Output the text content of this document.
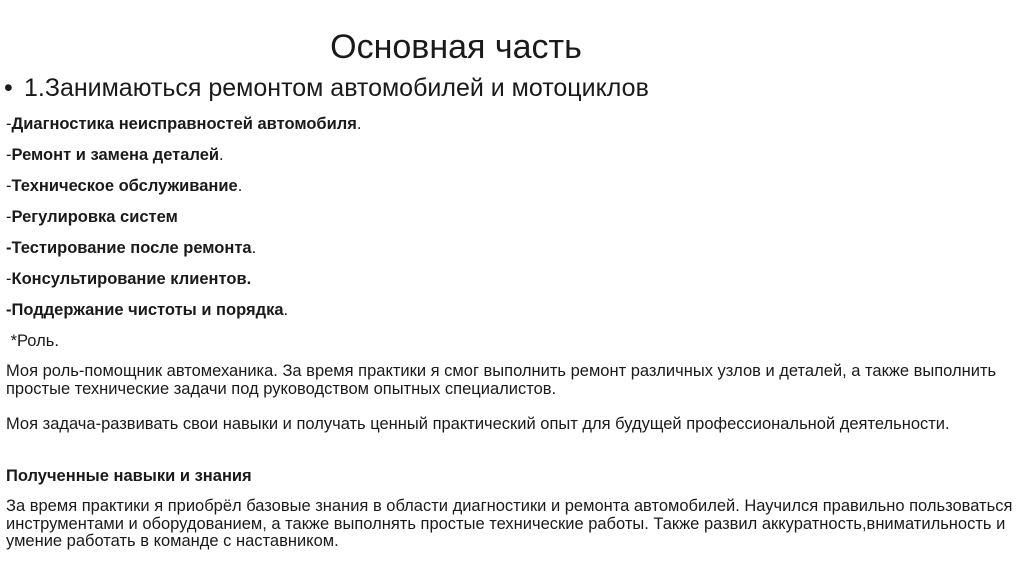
Основная часть
• 1.Занимаються ремонтом автомобилей и мотоциклов
-Диагностика неисправностей автомобиля.
-Ремонт и замена деталей.
-Техническое обслуживание.
-Регулировка систем
-Тестирование после ремонта.
-Консультирование клиентов.
-Поддержание чистоты и порядка.
*Роль.
Моя роль-помощник автомеханика. За время практики я смог выполнить ремонт различных узлов и деталей, а также выполнить простые технические задачи под руководством опытных специалистов.
Моя задача-развивать свои навыки и получать ценный практический опыт для будущей профессиональной деятельности.
Полученные навыки и знания
За время практики я приобрёл базовые знания в области диагностики и ремонта автомобилей. Научился правильно пользоваться инструментами и оборудованием, а также выполнять простые технические работы. Также развил аккуратность,вниматильность и умение работать в команде с наставником.
